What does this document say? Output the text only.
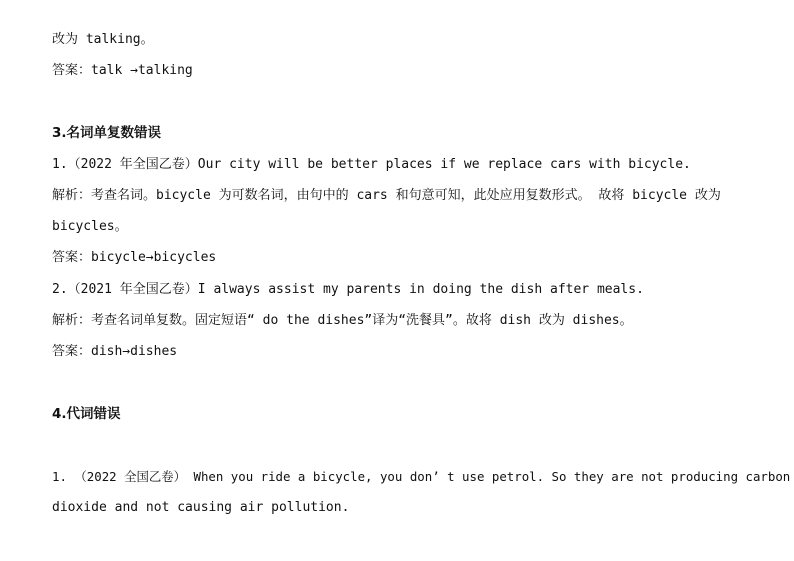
改为 talking。
答案：talk →talking
3.名词单复数错误
1.（2022 年全国乙卷）Our city will be better places if we replace cars with bicycle.
解析：考查名词。bicycle 为可数名词，由句中的 cars 和句意可知，此处应用复数形式。 故将 bicycle 改为
bicycles。
答案：bicycle→bicycles
2.（2021 年全国乙卷）I always assist my parents in doing the dish after meals.
解析：考查名词单复数。固定短语“ do the dishes”译为“洗餐具”。故将 dish 改为 dishes。
答案：dish→dishes
4.代词错误
1. （2022 全国乙卷） When you ride a bicycle, you don’ t use petrol. So they are not producing carbon
dioxide and not causing air pollution.
